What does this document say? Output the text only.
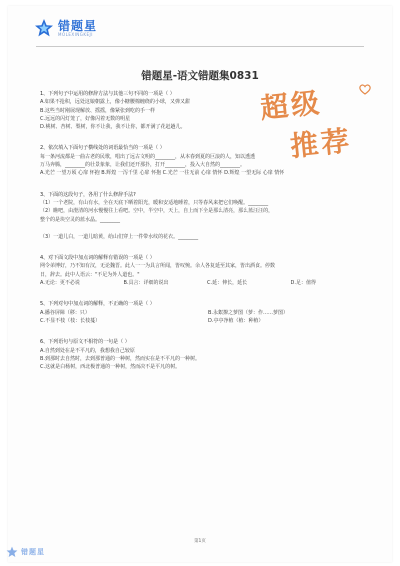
错题星
MOLEXINGKEJI
错题星-语文错题集0831
超级
推荐
1、下列句子中运用的修辞方法与其他三句不同的一项是（ ）
A.如果不抢积，远处这娘朝露上，像小糖腰棉缠绕的小球，又弹又甜
B.这些当时刚展现解放、摇摇，像紧张到吃的手一样
C.远远的闪灯笼了，好像闪着无数的明星
D.桃树、杏树、梨树，你不让我，我不让你，都开满了花赶趟儿。
2、依次填入下面句子横线处的词语最恰当的一项是（ ）
每一条河流都是一曲古老的民歌，唱出了远古文明的________，从本春到夏的巨浪的人，知以透透
万马奔腾，________的壮景象象，让我们还开那扑，打开________，投入大自然的________。
A.光芒 一望万顷 心扉 怀抱 B.辉煌 一泻千里 心扉 怀抱 C.光芒 一往无前 心扉 情怀 D.辉煌 一望无际 心扉 情怀
3、下面的这段句子，各用了什么修辞手法?
（1）一个老院，有山有水，全在天底下晒着阳光，暖和安适地睡着，只等春风来把它们唤醒。________
（2）瞧吧，由澄清的河水慢慢往上看吧。空中，半空中，天上，自上而下全是那么清亮，那么蓝汪汪的，
整个的是块空灵的蓝水晶。________
（3）一道儿白，一道儿暗黄，给山们穿上一件带水纹的花衣。________
4、对下面文段中加点词的解释有错误的一项是（ ）
网令弟博好，乃不知有汉，无论魏晋。此人一一为具言所闻，皆叹惋。余人各复延至其家，皆出酒食。停数
日，辞去。此中人语云："不足为外人道也。"
A.无论：更不必说	B.具言：详细的说出	C.延：伸长，延长	D.足：值得
5、下列对句中加点词的解释，不正确的一项是（ ）
A.播谷屏障（移：只）	B.永絮撩之萝图（萝：作……萝图）
C.不显不枝（枝：长枝蔓）	D.亭亭净植（植：种植）
6、下列语句与原文不相符的一句是（ ）
A.自然到处在是不平凡的，我想我自己较原
B.到那时去自然时，去到那普通的一种树，然而实在是不平凡的一种树。
C.这就是白杨树，西北极普通的一种树，然而决不是平凡的树。
第1页
错题星
